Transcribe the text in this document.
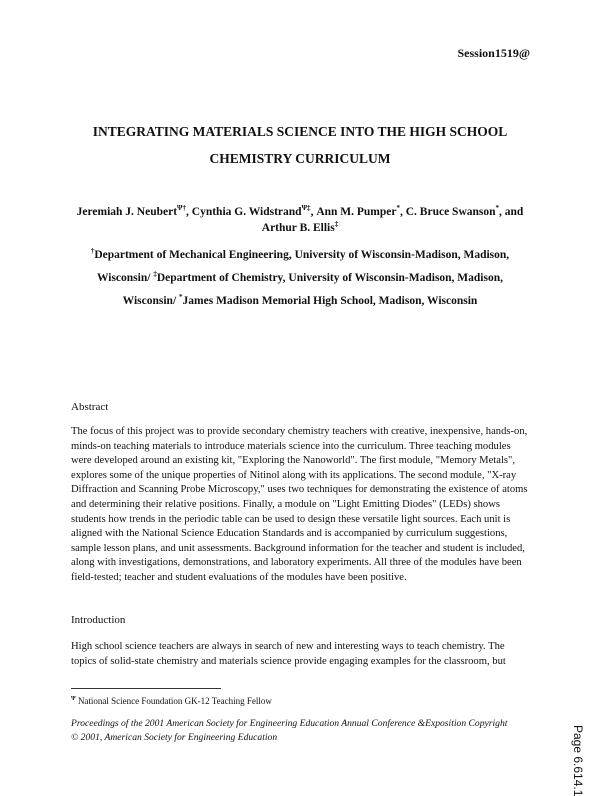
Session1519@
INTEGRATING MATERIALS SCIENCE INTO THE HIGH SCHOOL
CHEMISTRY CURRICULUM
Jeremiah J. Neubert$^{\Psi\dagger}$, Cynthia G. Widstrand$^{\Psi\ddagger}$, Ann M. Pumper*, C. Bruce Swanson*, and
Arthur B. Ellis‡
†Department of Mechanical Engineering, University of Wisconsin-Madison, Madison,
Wisconsin/ ‡Department of Chemistry, University of Wisconsin-Madison, Madison,
Wisconsin/ *James Madison Memorial High School, Madison, Wisconsin
Abstract
The focus of this project was to provide secondary chemistry teachers with creative, inexpensive, hands-on, minds-on teaching materials to introduce materials science into the curriculum. Three teaching modules were developed around an existing kit, "Exploring the Nanoworld". The first module, "Memory Metals", explores some of the unique properties of Nitinol along with its applications. The second module, "X-ray Diffraction and Scanning Probe Microscopy," uses two techniques for demonstrating the existence of atoms and determining their relative positions. Finally, a module on "Light Emitting Diodes" (LEDs) shows students how trends in the periodic table can be used to design these versatile light sources. Each unit is aligned with the National Science Education Standards and is accompanied by curriculum suggestions, sample lesson plans, and unit assessments. Background information for the teacher and student is included, along with investigations, demonstrations, and laboratory experiments. All three of the modules have been field-tested; teacher and student evaluations of the modules have been positive.
Introduction
High school science teachers are always in search of new and interesting ways to teach chemistry. The topics of solid-state chemistry and materials science provide engaging examples for the classroom, but
$^\Psi$ National Science Foundation GK-12 Teaching Fellow
Proceedings of the 2001 American Society for Engineering Education Annual Conference &Exposition Copyright
© 2001, American Society for Engineering Education	Page 6.614.1
